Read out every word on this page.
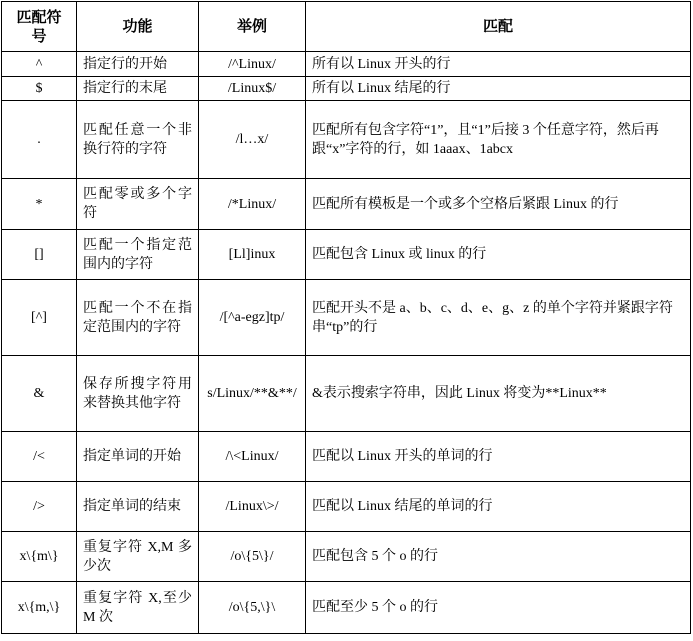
匹配符号	功能	举例	匹配
^	指定行的开始	/^Linux/	所有以 Linux 开头的行
$	指定行的末尾	/Linux$/	所有以 Linux 结尾的行
.	匹配任意一个非换行符的字符	/l…x/	匹配所有包含字符“1”，且“1”后接 3 个任意字符，然后再跟“x”字符的行，如 1aaax、1abcx
*	匹配零或多个字符	/*Linux/	匹配所有模板是一个或多个空格后紧跟 Linux 的行
[]	匹配一个指定范围内的字符	[Ll]inux	匹配包含 Linux 或 linux 的行
[^]	匹配一个不在指定范围内的字符	/[^a-egz]tp/	匹配开头不是 a、b、c、d、e、g、z 的单个字符并紧跟字符串“tp”的行
&	保存所搜字符用来替换其他字符	s/Linux/**&**/	&表示搜索字符串，因此 Linux 将变为**Linux**
/<	指定单词的开始	/\<Linux/	匹配以 Linux 开头的单词的行
/>	指定单词的结束	/Linux\>/	匹配以 Linux 结尾的单词的行
x\{m\}	重复字符 X,M 多少次	/o\{5\}/	匹配包含 5 个 o 的行
x\{m,\}	重复字符 X,至少 M 次	/o\{5,\}\	匹配至少 5 个 o 的行
